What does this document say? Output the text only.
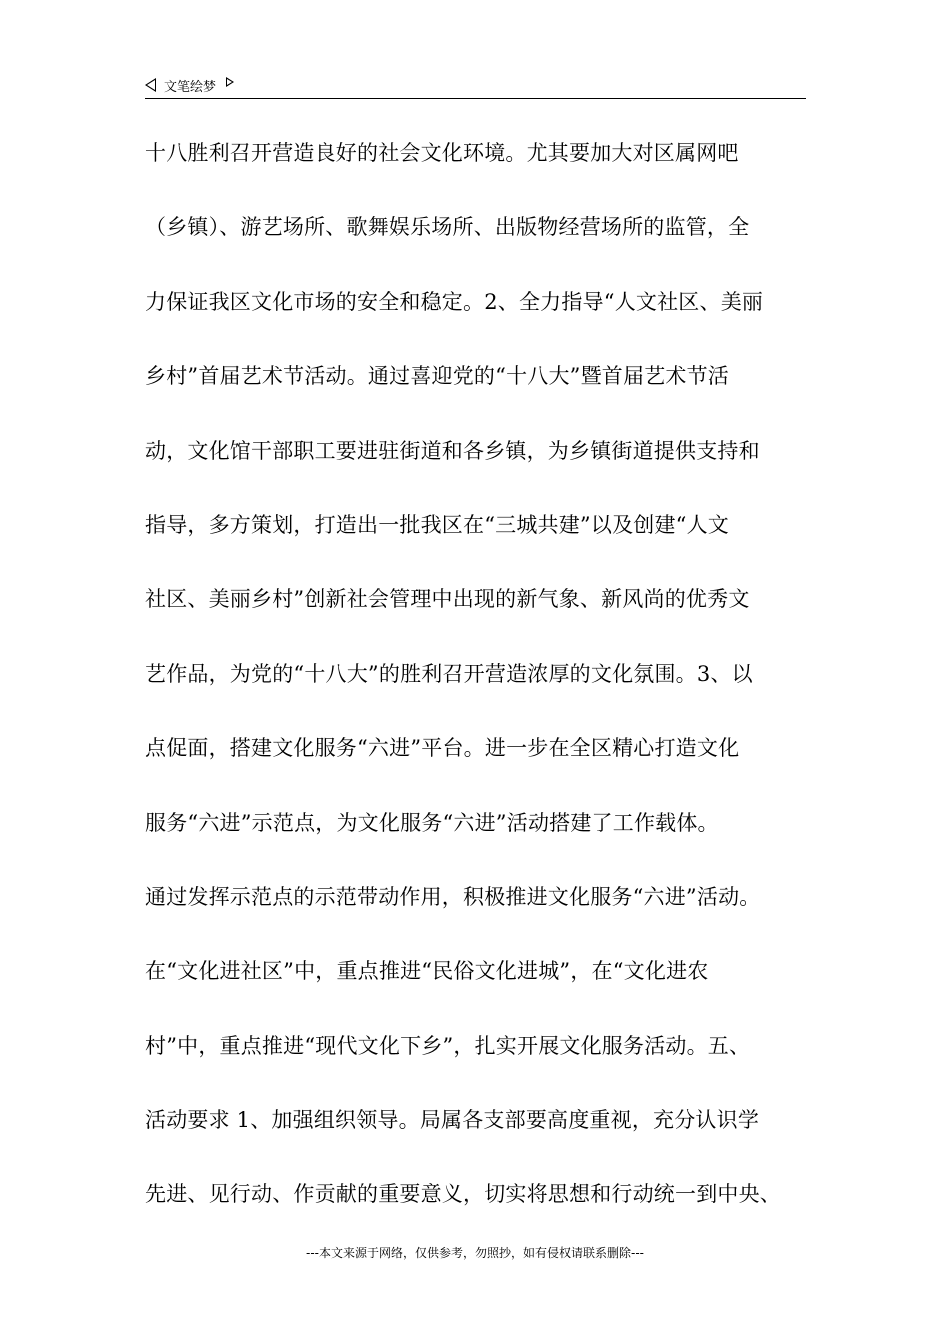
文笔绘梦
十八胜利召开营造良好的社会文化环境。尤其要加大对区属网吧
（乡镇）、游艺场所、歌舞娱乐场所、出版物经营场所的监管，全
力保证我区文化市场的安全和稳定。2、全力指导“人文社区、美丽
乡村”首届艺术节活动。通过喜迎党的“十八大”暨首届艺术节活
动，文化馆干部职工要进驻街道和各乡镇，为乡镇街道提供支持和
指导，多方策划，打造出一批我区在“三城共建”以及创建“人文
社区、美丽乡村”创新社会管理中出现的新气象、新风尚的优秀文
艺作品，为党的“十八大”的胜利召开营造浓厚的文化氛围。3、以
点促面，搭建文化服务“六进”平台。进一步在全区精心打造文化
服务“六进”示范点，为文化服务“六进”活动搭建了工作载体。
通过发挥示范点的示范带动作用，积极推进文化服务“六进”活动。
在“文化进社区”中，重点推进“民俗文化进城”，在“文化进农
村”中，重点推进“现代文化下乡”，扎实开展文化服务活动。五、
活动要求 1、加强组织领导。局属各支部要高度重视，充分认识学
先进、见行动、作贡献的重要意义，切实将思想和行动统一到中央、
---本文来源于网络，仅供参考，勿照抄，如有侵权请联系删除---
